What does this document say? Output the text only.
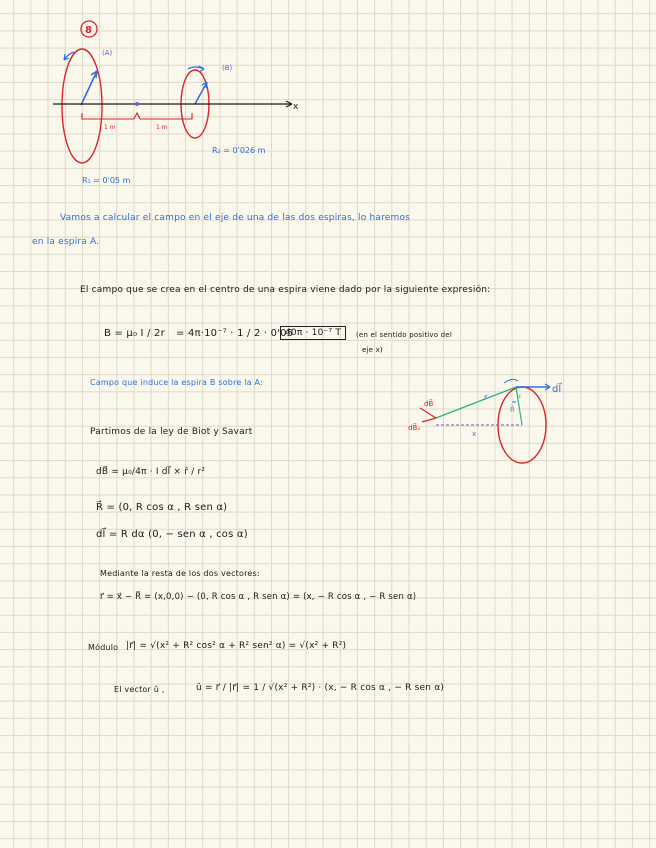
1 m	1 m
8
(A)
(B)
x
R₂ = 0'026 m
R₁ = 0'05 m
Vamos a calcular el campo en el eje de una de las dos espiras, lo haremos
en la espira A.
El campo que se crea en el centro de una espira viene dado por la siguiente expresión:
B = μ₀ I / 2r = 4π·10⁻⁷ · 1 / 2 · 0'05
40π · 10⁻⁷ T	(en el sentido positivo del
eje x)
Campo que induce la espira B sobre la A:
dl⃗
r⃗
R⃗
x
dB⃗ₓ
dB⃗
α
Partimos de la ley de Biot y Savart
dB⃗ = μ₀/4π · I dl⃗ × r̂ / r²
R⃗ = (0, R cos α , R sen α)
dl⃗ = R dα (0, − sen α , cos α)
Mediante la resta de los dos vectores:
r⃗ = x⃗ − R⃗ = (x,0,0) − (0, R cos α , R sen α) = (x, − R cos α , − R sen α)
Módulo |r⃗| = √(x² + R² cos² α + R² sen² α) = √(x² + R²)
El vector û ,	û = r⃗ / |r⃗| = 1 / √(x² + R²) · (x, − R cos α , − R sen α)
